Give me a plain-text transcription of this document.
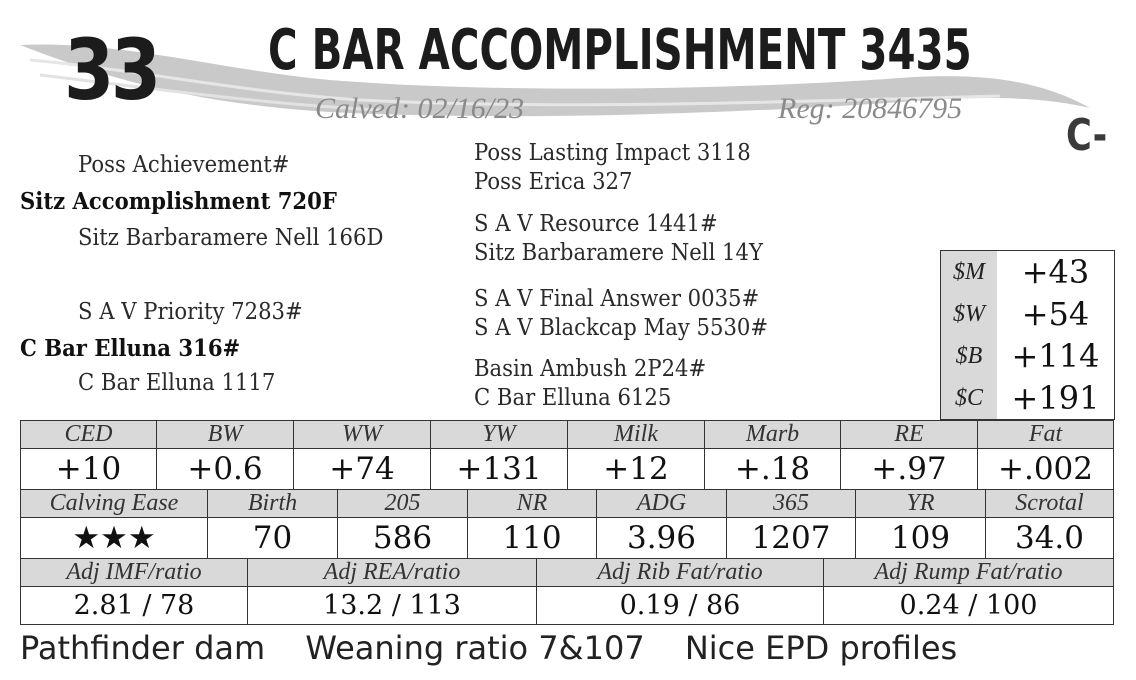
33 C BAR ACCOMPLISHMENT 3435
Calved: 02/16/23	Reg: 20846795
C-
Poss Achievement#
Sitz Accomplishment 720F
Sitz Barbaramere Nell 166D
S A V Priority 7283#
C Bar Elluna 316#
C Bar Elluna 1117
Poss Lasting Impact 3118
Poss Erica 327
S A V Resource 1441#
Sitz Barbaramere Nell 14Y
S A V Final Answer 0035#
S A V Blackcap May 5530#
Basin Ambush 2P24#
C Bar Elluna 6125
$M	+43
$W	+54
$B +114
$C +191
CED	BW	WW	YW	Milk	Marb	RE	Fat
+10	+0.6	+74	+131	+12	+.18	+.97	+.002
Calving Ease	Birth	205	NR	ADG	365	YR	Scrotal
★★★	70	586	110	3.96	1207	109	34.0
Adj IMF/ratio	Adj REA/ratio	Adj Rib Fat/ratio	Adj Rump Fat/ratio
2.81 / 78	13.2 / 113	0.19 / 86	0.24 / 100
Pathfinder dam Weaning ratio 7&107 Nice EPD profiles
